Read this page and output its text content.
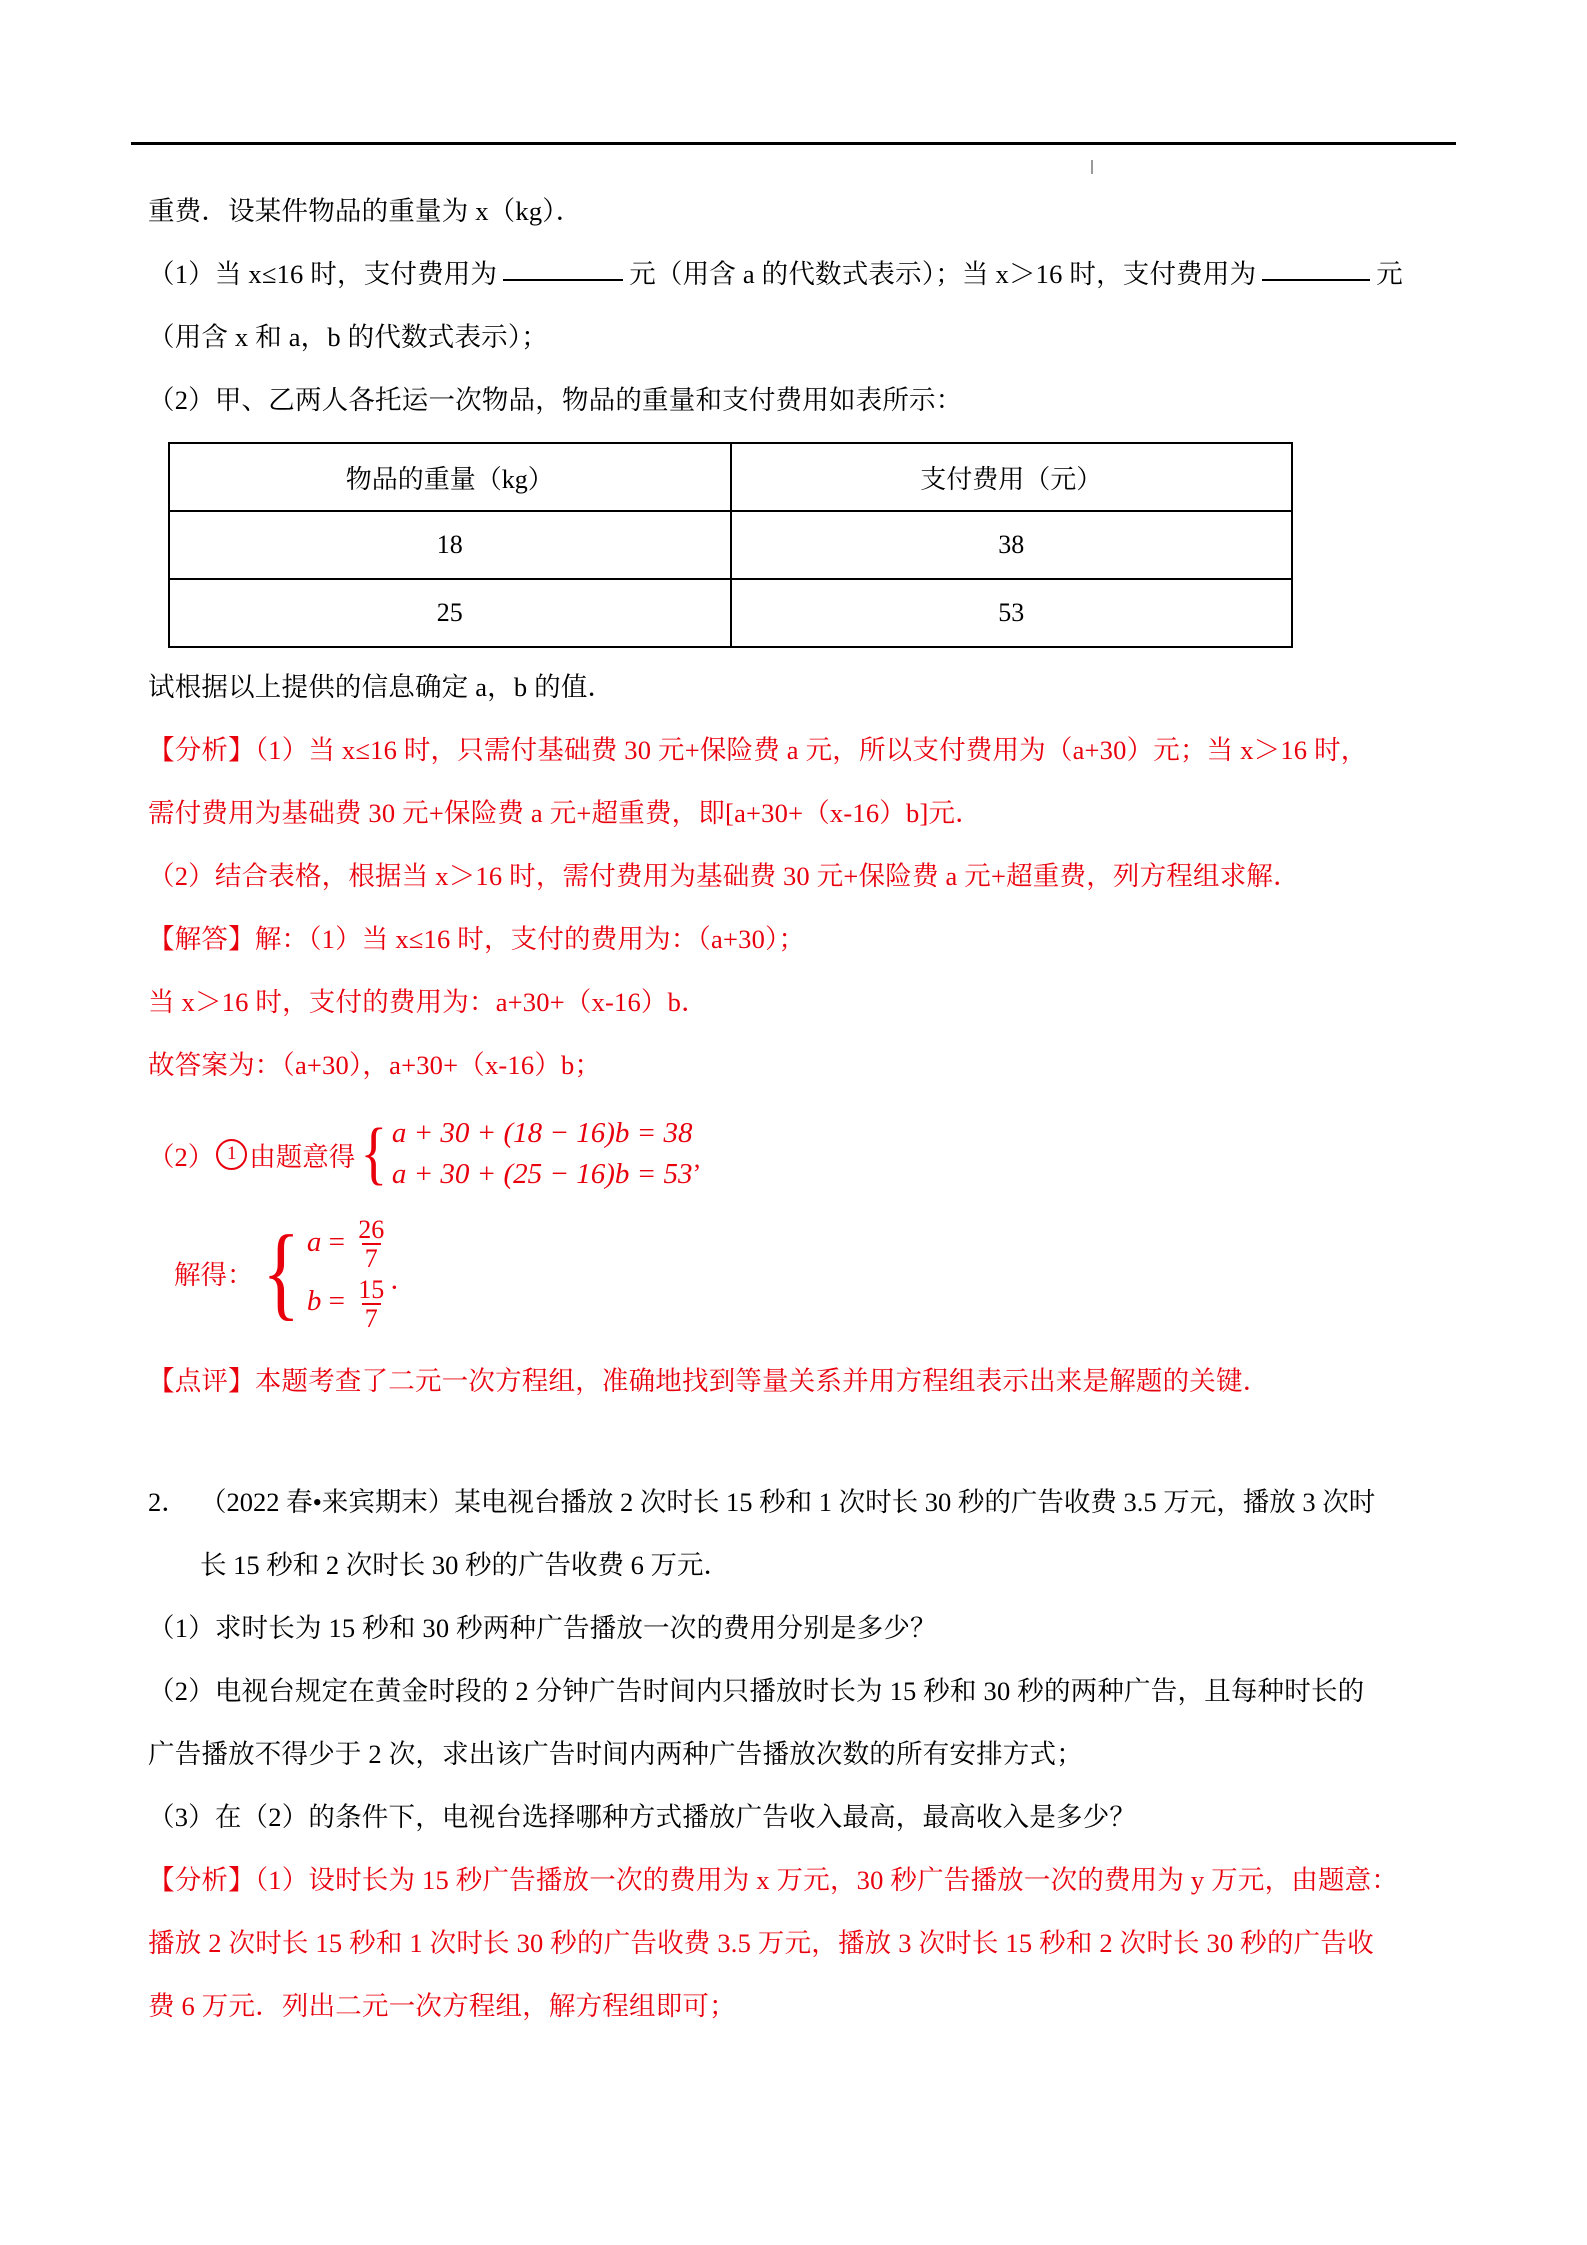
重费．设某件物品的重量为 x（kg）．

（1）当 x≤16 时，支付费用为	元（用含 a 的代数式表示）；当 x＞16 时，支付费用为	元

（用含 x 和 a，b 的代数式表示）；

（2）甲、乙两人各托运一次物品，物品的重量和支付费用如表所示：

物品的重量（kg）	支付费用（元）
18	38
25	53

试根据以上提供的信息确定 a，b 的值．

【分析】（1）当 x≤16 时，只需付基础费 30 元+保险费 a 元，所以支付费用为（a+30）元；当 x＞16 时，

需付费用为基础费 30 元+保险费 a 元+超重费，即[a+30+（x‑16）b]元．

（2）结合表格，根据当 x＞16 时，需付费用为基础费 30 元+保险费 a 元+超重费，列方程组求解．

【解答】解：（1）当 x≤16 时，支付的费用为：（a+30）；

当 x＞16 时，支付的费用为：a+30+（x‑16）b．

故答案为：（a+30），a+30+（x‑16）b；

（2） 1 由题意得 { a + 30 + (18 − 16)b = 38
a + 30 + (25 − 16)b = 53 ’
解得： { $a = \frac{26}{7}$
$b = \frac{15}{7}$ ．

【点评】本题考查了二元一次方程组，准确地找到等量关系并用方程组表示出来是解题的关键．

2． （2022 春•来宾期末）某电视台播放 2 次时长 15 秒和 1 次时长 30 秒的广告收费 3.5 万元，播放 3 次时
长 15 秒和 2 次时长 30 秒的广告收费 6 万元．

（1）求时长为 15 秒和 30 秒两种广告播放一次的费用分别是多少？

（2）电视台规定在黄金时段的 2 分钟广告时间内只播放时长为 15 秒和 30 秒的两种广告，且每种时长的

广告播放不得少于 2 次，求出该广告时间内两种广告播放次数的所有安排方式；

（3）在（2）的条件下，电视台选择哪种方式播放广告收入最高，最高收入是多少？

【分析】（1）设时长为 15 秒广告播放一次的费用为 x 万元，30 秒广告播放一次的费用为 y 万元，由题意：

播放 2 次时长 15 秒和 1 次时长 30 秒的广告收费 3.5 万元，播放 3 次时长 15 秒和 2 次时长 30 秒的广告收

费 6 万元．列出二元一次方程组，解方程组即可；
